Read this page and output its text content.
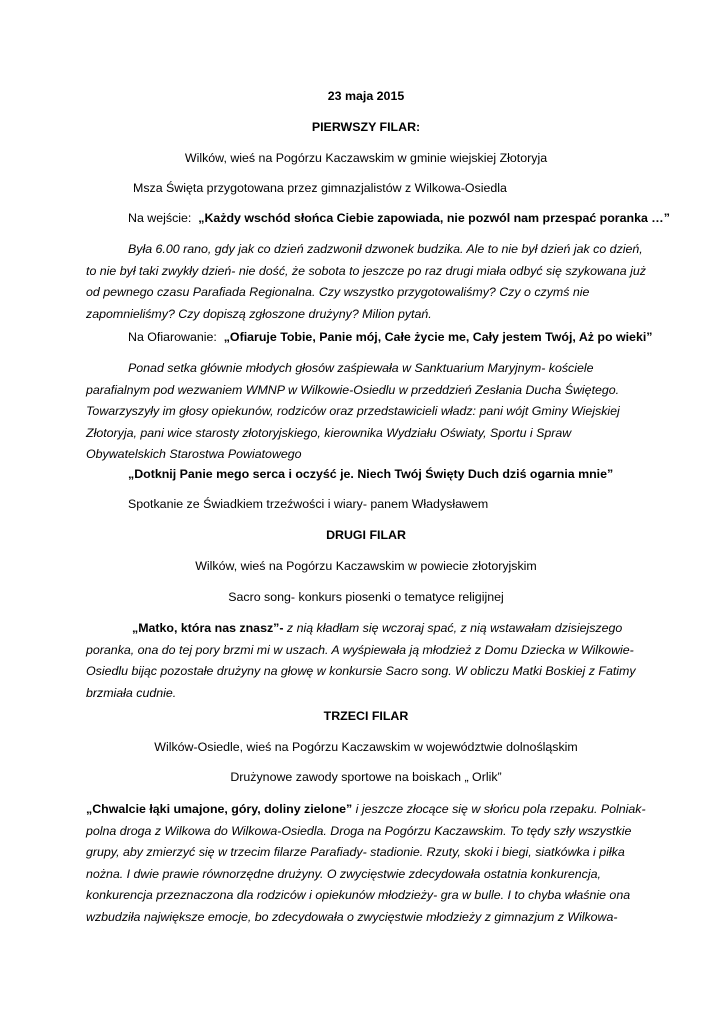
23 maja 2015

PIERWSZY FILAR:

Wilków, wieś na Pogórzu Kaczawskim w gminie wiejskiej Złotoryja

Msza Święta przygotowana przez gimnazjalistów z Wilkowa-Osiedla

Na wejście: „Każdy wschód słońca Ciebie zapowiada, nie pozwól nam przespać poranka …”

Była 6.00 rano, gdy jak co dzień zadzwonił dzwonek budzika. Ale to nie był dzień jak co dzień,
to nie był taki zwykły dzień- nie dość, że sobota to jeszcze po raz drugi miała odbyć się szykowana już
od pewnego czasu Parafiada Regionalna. Czy wszystko przygotowaliśmy? Czy o czymś nie
zapomnieliśmy? Czy dopiszą zgłoszone drużyny? Milion pytań.

Na Ofiarowanie: „Ofiaruje Tobie, Panie mój, Całe życie me, Cały jestem Twój, Aż po wieki”

Ponad setka głównie młodych głosów zaśpiewała w Sanktuarium Maryjnym- kościele
parafialnym pod wezwaniem WMNP w Wilkowie-Osiedlu w przeddzień Zesłania Ducha Świętego.
Towarzyszyły im głosy opiekunów, rodziców oraz przedstawicieli władz: pani wójt Gminy Wiejskiej
Złotoryja, pani wice starosty złotoryjskiego, kierownika Wydziału Oświaty, Sportu i Spraw
Obywatelskich Starostwa Powiatowego

„Dotknij Panie mego serca i oczyść je. Niech Twój Święty Duch dziś ogarnia mnie”

Spotkanie ze Świadkiem trzeźwości i wiary- panem Władysławem

DRUGI FILAR

Wilków, wieś na Pogórzu Kaczawskim w powiecie złotoryjskim

Sacro song- konkurs piosenki o tematyce religijnej

„Matko, która nas znasz”- z nią kładłam się wczoraj spać, z nią wstawałam dzisiejszego
poranka, ona do tej pory brzmi mi w uszach. A wyśpiewała ją młodzież z Domu Dziecka w Wilkowie-
Osiedlu bijąc pozostałe drużyny na głowę w konkursie Sacro song. W obliczu Matki Boskiej z Fatimy
brzmiała cudnie.

TRZECI FILAR

Wilków-Osiedle, wieś na Pogórzu Kaczawskim w województwie dolnośląskim

Drużynowe zawody sportowe na boiskach „ Orlik”

„Chwalcie łąki umajone, góry, doliny zielone” i jeszcze złocące się w słońcu pola rzepaku. Polniak-
polna droga z Wilkowa do Wilkowa-Osiedla. Droga na Pogórzu Kaczawskim. To tędy szły wszystkie
grupy, aby zmierzyć się w trzecim filarze Parafiady- stadionie. Rzuty, skoki i biegi, siatkówka i piłka
nożna. I dwie prawie równorzędne drużyny. O zwycięstwie zdecydowała ostatnia konkurencja,
konkurencja przeznaczona dla rodziców i opiekunów młodzieży- gra w bulle. I to chyba właśnie ona
wzbudziła największe emocje, bo zdecydowała o zwycięstwie młodzieży z gimnazjum z Wilkowa-
